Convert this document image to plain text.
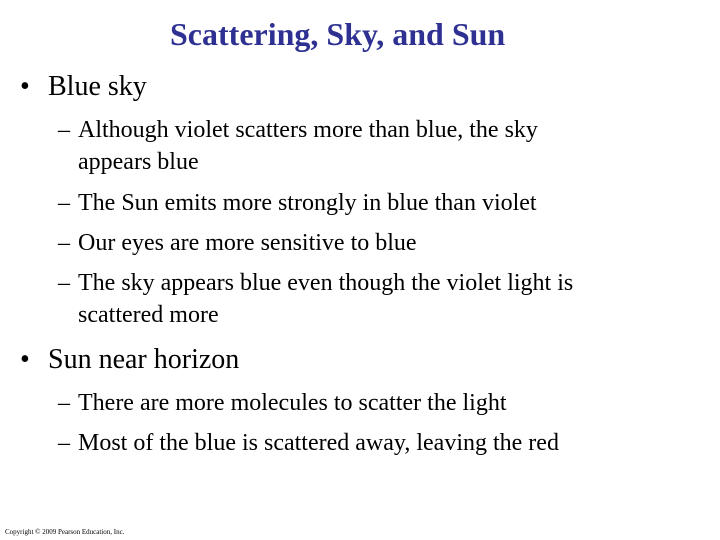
Scattering, Sky, and Sun
• Blue sky
– Although violet scatters more than blue, the sky
appears blue
– The Sun emits more strongly in blue than violet
– Our eyes are more sensitive to blue
– The sky appears blue even though the violet light is
scattered more
• Sun near horizon
– There are more molecules to scatter the light
– Most of the blue is scattered away, leaving the red
Copyright © 2009 Pearson Education, Inc.
